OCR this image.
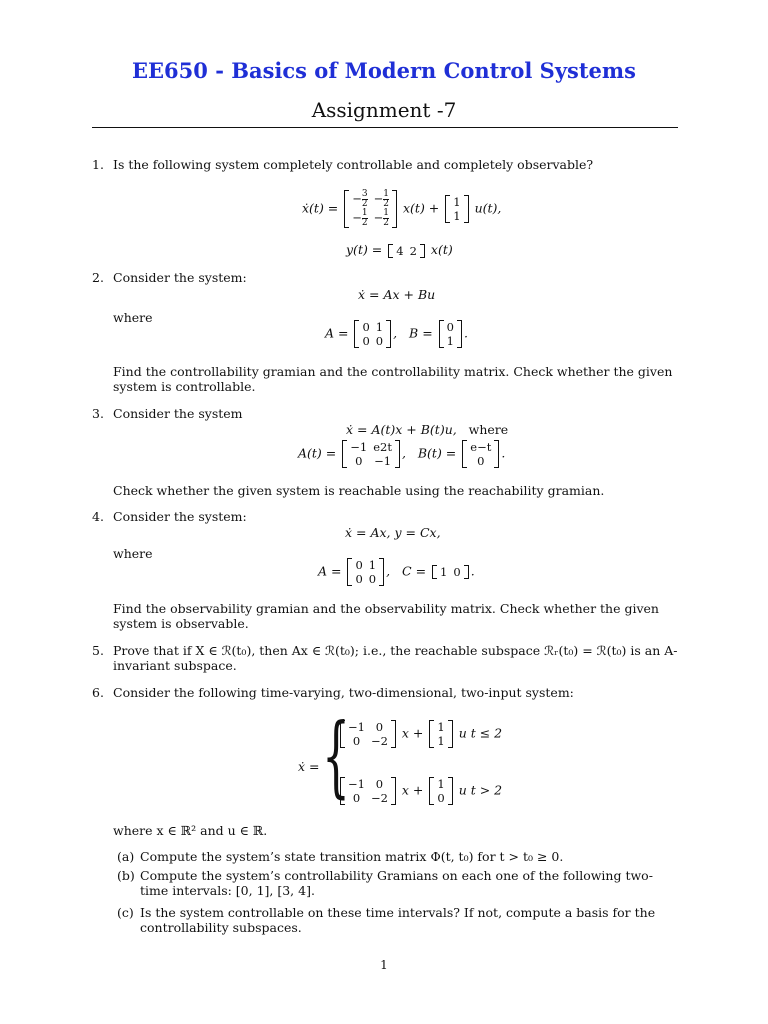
EE650 - Basics of Modern Control Systems
Assignment -7
1. Is the following system completely controllable and completely observable?
ẋ(t) =
− $\frac{3}{2}$	− $\frac{1}{2}$

− $\frac{1}{2}$	− $\frac{1}{2}$
x(t) + 1
1
u(t),
y(t) = 4	2 x(t)
2. Consider the system:
ẋ = Ax + Bu
where
A = 0	1
0	0
,   B = 0
1
.
Find the controllability gramian and the controllability matrix. Check whether the given system is controllable.
3. Consider the system
ẋ = A(t)x + B(t)u, where
A(t) = −1	e2t
0	−1
,   B(t) = e−t
0
.
Check whether the given system is reachable using the reachability gramian.
4. Consider the system:
ẋ = Ax, y = Cx,
where
A = 0	1
0	0
,   C = 1	0 .
Find the observability gramian and the observability matrix. Check whether the given system is observable.
5. Prove that if X ∈ ℛ(t₀), then Ax ∈ ℛ(t₀); i.e., the reachable subspace ℛᵣ(t₀) = ℛ(t₀) is an A-invariant subspace.
6. Consider the following time-varying, two-dimensional, two-input system:
ẋ = {
−1	0
0	−2
x + 1
1
u t ≤ 2
−1	0
0	−2
x + 1
0
u t > 2
where x ∈ ℝ² and u ∈ ℝ.
(a) Compute the system’s state transition matrix Φ(t, t₀) for t > t₀ ≥ 0.
(b) Compute the system’s controllability Gramians on each one of the following two-time intervals: [0, 1], [3, 4].
(c) Is the system controllable on these time intervals? If not, compute a basis for the controllability subspaces.
1
